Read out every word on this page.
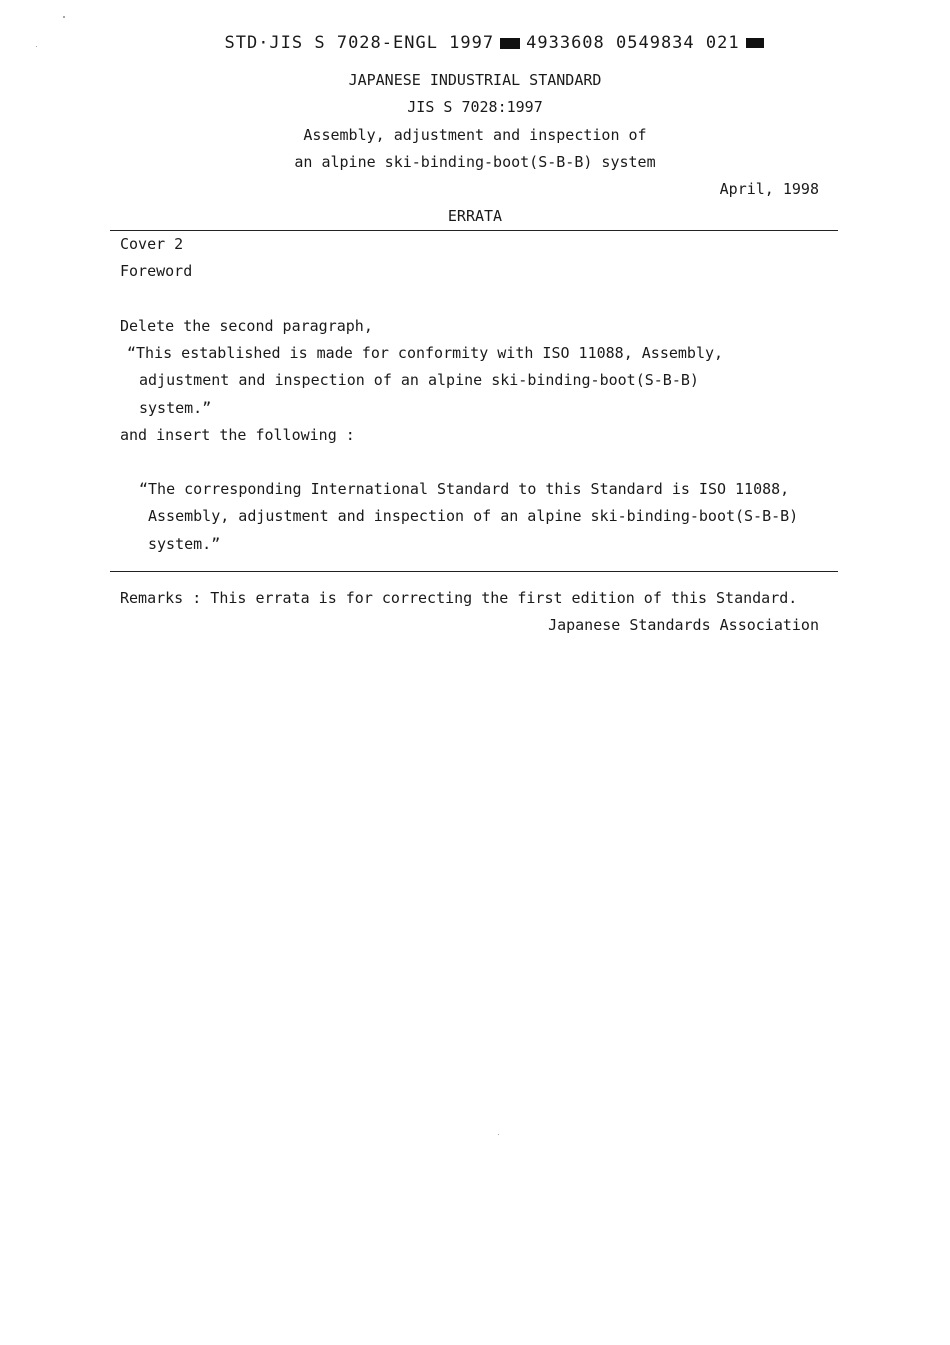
STD·JIS S 7028-ENGL 1997 4933608 0549834 021

JAPANESE INDUSTRIAL STANDARD
JIS S 7028:1997
Assembly, adjustment and inspection of
an alpine ski-binding-boot(S-B-B) system
April, 1998
ERRATA
Cover 2
Foreword
Delete the second paragraph,
“This established is made for conformity with ISO 11088, Assembly,
adjustment and inspection of an alpine ski-binding-boot(S-B-B)
system.”
and insert the following :
“The corresponding International Standard to this Standard is ISO 11088,
Assembly, adjustment and inspection of an alpine ski-binding-boot(S-B-B)
system.”
Remarks : This errata is for correcting the first edition of this Standard.
Japanese Standards Association
